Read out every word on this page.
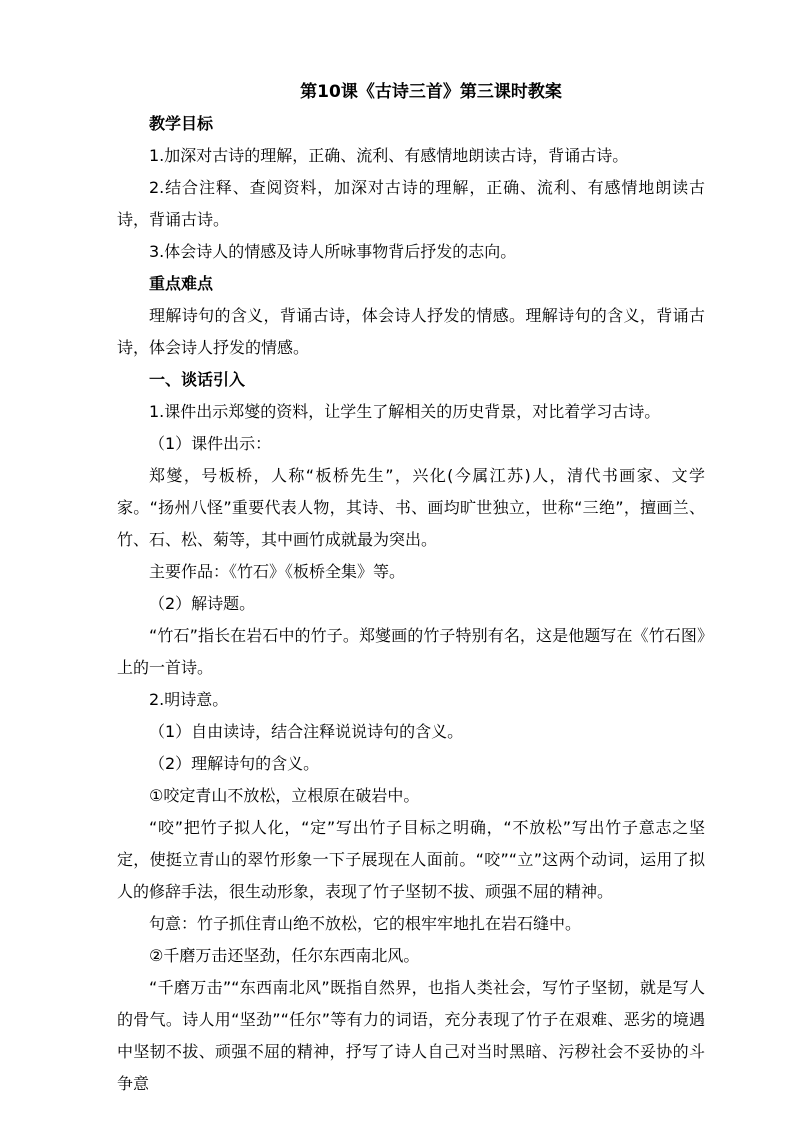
第10课《古诗三首》第三课时教案

教学目标

1.加深对古诗的理解，正确、流利、有感情地朗读古诗，背诵古诗。

2.结合注释、查阅资料，加深对古诗的理解，正确、流利、有感情地朗读古诗，背诵古诗。

3.体会诗人的情感及诗人所咏事物背后抒发的志向。

重点难点

理解诗句的含义，背诵古诗，体会诗人抒发的情感。理解诗句的含义，背诵古诗，体会诗人抒发的情感。

一、谈话引入

1.课件出示郑燮的资料，让学生了解相关的历史背景，对比着学习古诗。

（1）课件出示：

郑燮，号板桥，人称“板桥先生”，兴化(今属江苏)人，清代书画家、文学家。“扬州八怪”重要代表人物，其诗、书、画均旷世独立，世称“三绝”，擅画兰、竹、石、松、菊等，其中画竹成就最为突出。

主要作品：《竹石》《板桥全集》等。

（2）解诗题。

“竹石”指长在岩石中的竹子。郑燮画的竹子特别有名，这是他题写在《竹石图》上的一首诗。

2.明诗意。

（1）自由读诗，结合注释说说诗句的含义。

（2）理解诗句的含义。

①咬定青山不放松，立根原在破岩中。

“咬”把竹子拟人化，“定”写出竹子目标之明确，“不放松”写出竹子意志之坚定，使挺立青山的翠竹形象一下子展现在人面前。“咬”“立”这两个动词，运用了拟人的修辞手法，很生动形象，表现了竹子坚韧不拔、顽强不屈的精神。

句意：竹子抓住青山绝不放松，它的根牢牢地扎在岩石缝中。

②千磨万击还坚劲，任尔东西南北风。

“千磨万击”“东西南北风”既指自然界，也指人类社会，写竹子坚韧，就是写人的骨气。诗人用“坚劲”“任尔”等有力的词语，充分表现了竹子在艰难、恶劣的境遇中坚韧不拔、顽强不屈的精神，抒写了诗人自己对当时黑暗、污秽社会不妥协的斗争意
